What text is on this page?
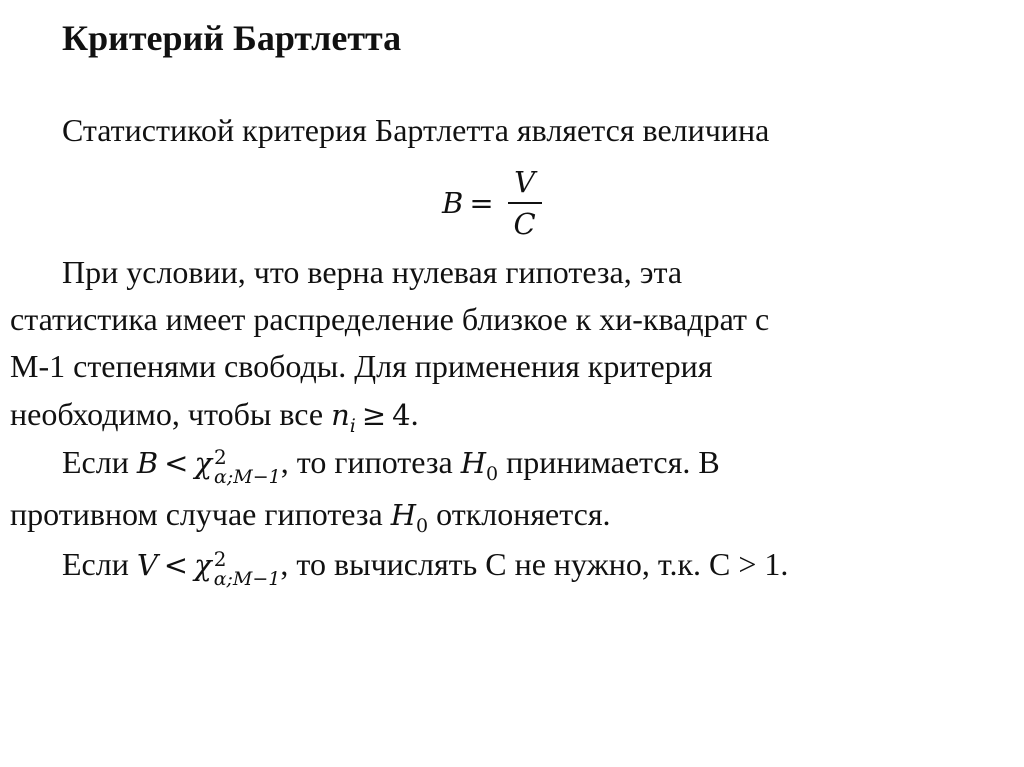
Критерий Бартлетта
Статистикой критерия Бартлетта является величина
$B = \frac{V}{C}$
При условии, что верна нулевая гипотеза, эта
статистика имеет распределение близкое к хи-квадрат с
М-1 степенями свободы. Для применения критерия
необходимо, чтобы все $n_i \ge 4$.
Если B < χ 2
α;M−1 , то гипотеза $H_0$ принимается. В
противном случае гипотеза $H_0$ отклоняется.
Если V < χ 2
α;M−1 , то вычислять С не нужно, т.к. С > 1.
